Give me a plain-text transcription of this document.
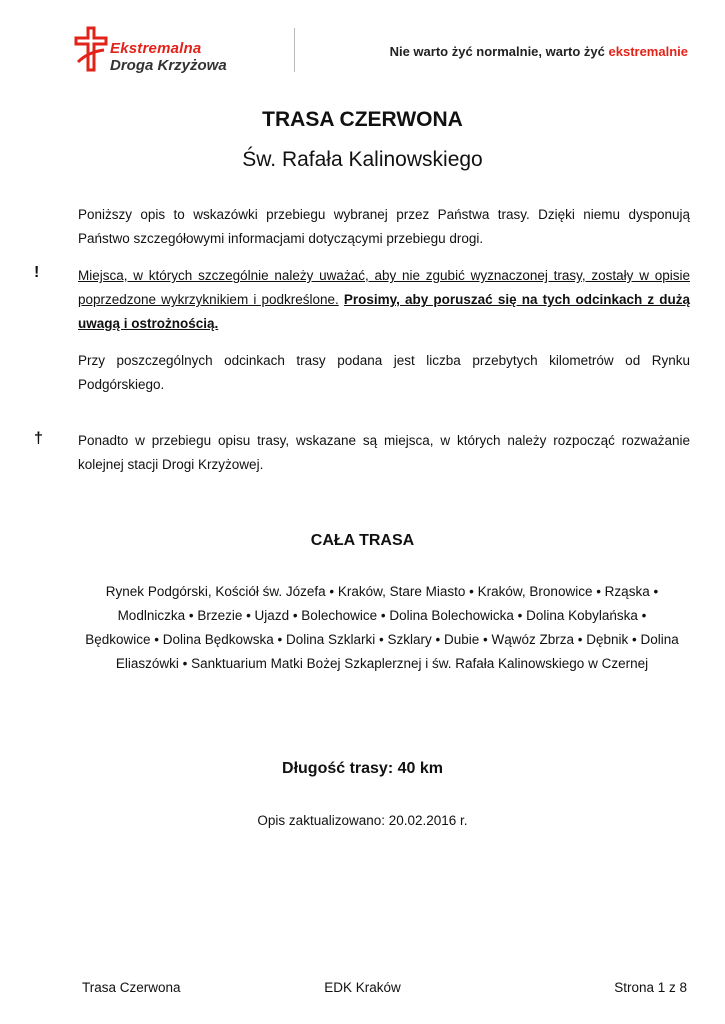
Ekstremalna
Droga Krzyżowa
Nie warto żyć normalnie, warto żyć ekstremalnie
TRASA CZERWONA
Św. Rafała Kalinowskiego
Poniższy opis to wskazówki przebiegu wybranej przez Państwa trasy. Dzięki niemu dysponują Państwo szczegółowymi informacjami dotyczącymi przebiegu drogi.
!	Miejsca, w których szczególnie należy uważać, aby nie zgubić wyznaczonej trasy, zostały w opisie poprzedzone wykrzyknikiem i podkreślone. Prosimy, aby poruszać się na tych odcinkach z dużą uwagą i ostrożnością.
Przy poszczególnych odcinkach trasy podana jest liczba przebytych kilometrów od Rynku Podgórskiego.
†	Ponadto w przebiegu opisu trasy, wskazane są miejsca, w których należy rozpocząć rozważanie kolejnej stacji Drogi Krzyżowej.
CAŁA TRASA
Rynek Podgórski, Kościół św. Józefa • Kraków, Stare Miasto • Kraków, Bronowice • Rząska • Modlniczka • Brzezie • Ujazd • Bolechowice • Dolina Bolechowicka • Dolina Kobylańska • Będkowice • Dolina Będkowska • Dolina Szklarki • Szklary • Dubie • Wąwóz Zbrza • Dębnik • Dolina Eliaszówki • Sanktuarium Matki Bożej Szkaplerznej i św. Rafała Kalinowskiego w Czernej
Długość trasy: 40 km
Opis zaktualizowano: 20.02.2016 r.
Trasa Czerwona	EDK Kraków	Strona 1 z 8
